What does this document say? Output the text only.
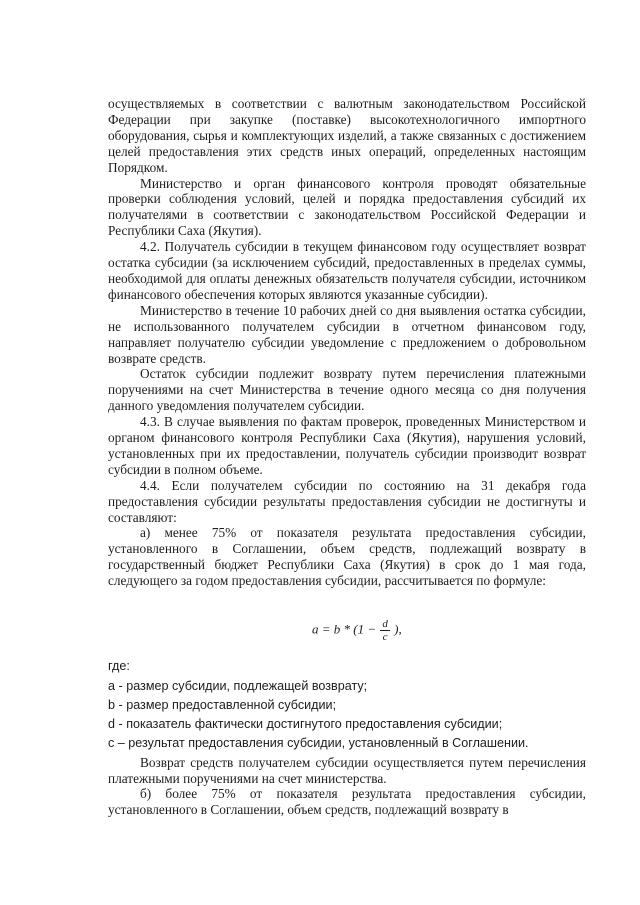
осуществляемых в соответствии с валютным законодательством Российской Федерации при закупке (поставке) высокотехнологичного импортного оборудования, сырья и комплектующих изделий, а также связанных с достижением целей предоставления этих средств иных операций, определенных настоящим Порядком.

Министерство и орган финансового контроля проводят обязательные проверки соблюдения условий, целей и порядка предоставления субсидий их получателями в соответствии с законодательством Российской Федерации и Республики Саха (Якутия).

4.2. Получатель субсидии в текущем финансовом году осуществляет возврат остатка субсидии (за исключением субсидий, предоставленных в пределах суммы, необходимой для оплаты денежных обязательств получателя субсидии, источником финансового обеспечения которых являются указанные субсидии).

Министерство в течение 10 рабочих дней со дня выявления остатка субсидии, не использованного получателем субсидии в отчетном финансовом году, направляет получателю субсидии уведомление с предложением о добровольном возврате средств.

Остаток субсидии подлежит возврату путем перечисления платежными поручениями на счет Министерства в течение одного месяца со дня получения данного уведомления получателем субсидии.

4.3. В случае выявления по фактам проверок, проведенных Министерством и органом финансового контроля Республики Саха (Якутия), нарушения условий, установленных при их предоставлении, получатель субсидии производит возврат субсидии в полном объеме.

4.4. Если получателем субсидии по состоянию на 31 декабря года предоставления субсидии результаты предоставления субсидии не достигнуты и составляют:

а) менее 75% от показателя результата предоставления субсидии, установленного в Соглашении, объем средств, подлежащий возврату в государственный бюджет Республики Саха (Якутия) в срок до 1 мая года, следующего за годом предоставления субсидии, рассчитывается по формуле:

$a = b * (1 - \frac{d}{c}$ ),

где:

а - размер субсидии, подлежащей возврату;

b - размер предоставленной субсидии;

d - показатель фактически достигнутого предоставления субсидии;

c – результат предоставления субсидии, установленный в Соглашении.

Возврат средств получателем субсидии осуществляется путем перечисления платежными поручениями на счет министерства.

б) более 75% от показателя результата предоставления субсидии, установленного в Соглашении, объем средств, подлежащий возврату в
